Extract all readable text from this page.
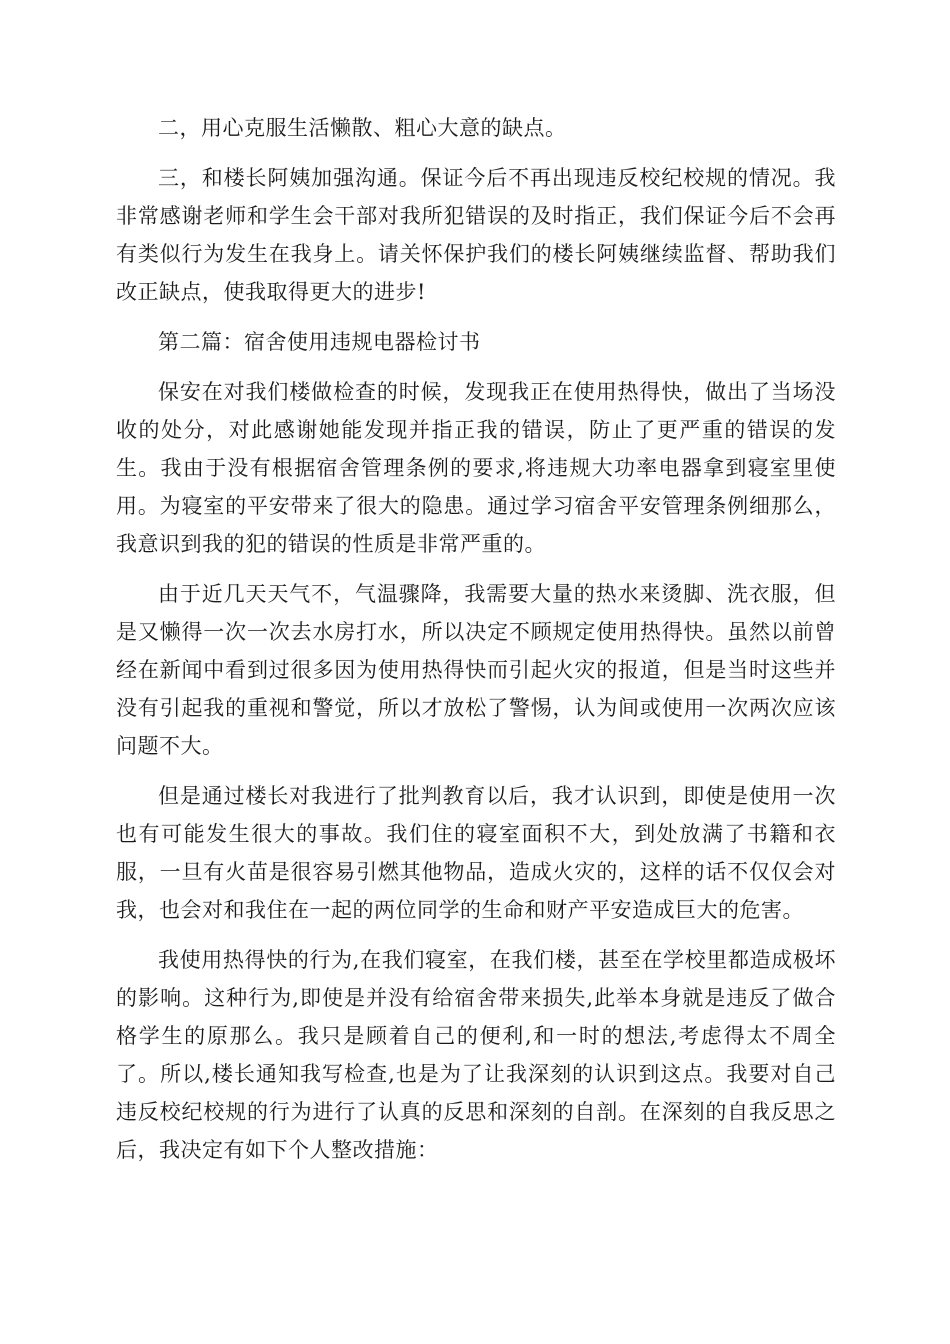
二，用心克服生活懒散、粗心大意的缺点。

三，和楼长阿姨加强沟通。保证今后不再出现违反校纪校规的情况。我非常感谢老师和学生会干部对我所犯错误的及时指正，我们保证今后不会再有类似行为发生在我身上。请关怀保护我们的楼长阿姨继续监督、帮助我们改正缺点，使我取得更大的进步!

第二篇：宿舍使用违规电器检讨书

保安在对我们楼做检查的时候，发现我正在使用热得快，做出了当场没收的处分，对此感谢她能发现并指正我的错误，防止了更严重的错误的发生。我由于没有根据宿舍管理条例的要求,将违规大功率电器拿到寝室里使用。为寝室的平安带来了很大的隐患。通过学习宿舍平安管理条例细那么，我意识到我的犯的错误的性质是非常严重的。

由于近几天天气不，气温骤降，我需要大量的热水来烫脚、洗衣服，但是又懒得一次一次去水房打水，所以决定不顾规定使用热得快。虽然以前曾经在新闻中看到过很多因为使用热得快而引起火灾的报道，但是当时这些并没有引起我的重视和警觉，所以才放松了警惕，认为间或使用一次两次应该问题不大。

但是通过楼长对我进行了批判教育以后，我才认识到，即使是使用一次也有可能发生很大的事故。我们住的寝室面积不大，到处放满了书籍和衣服，一旦有火苗是很容易引燃其他物品，造成火灾的，这样的话不仅仅会对我，也会对和我住在一起的两位同学的生命和财产平安造成巨大的危害。

我使用热得快的行为,在我们寝室，在我们楼，甚至在学校里都造成极坏的影响。这种行为,即使是并没有给宿舍带来损失,此举本身就是违反了做合格学生的原那么。我只是顾着自己的便利,和一时的想法,考虑得太不周全了。所以,楼长通知我写检查,也是为了让我深刻的认识到这点。我要对自己违反校纪校规的行为进行了认真的反思和深刻的自剖。在深刻的自我反思之后，我决定有如下个人整改措施：
